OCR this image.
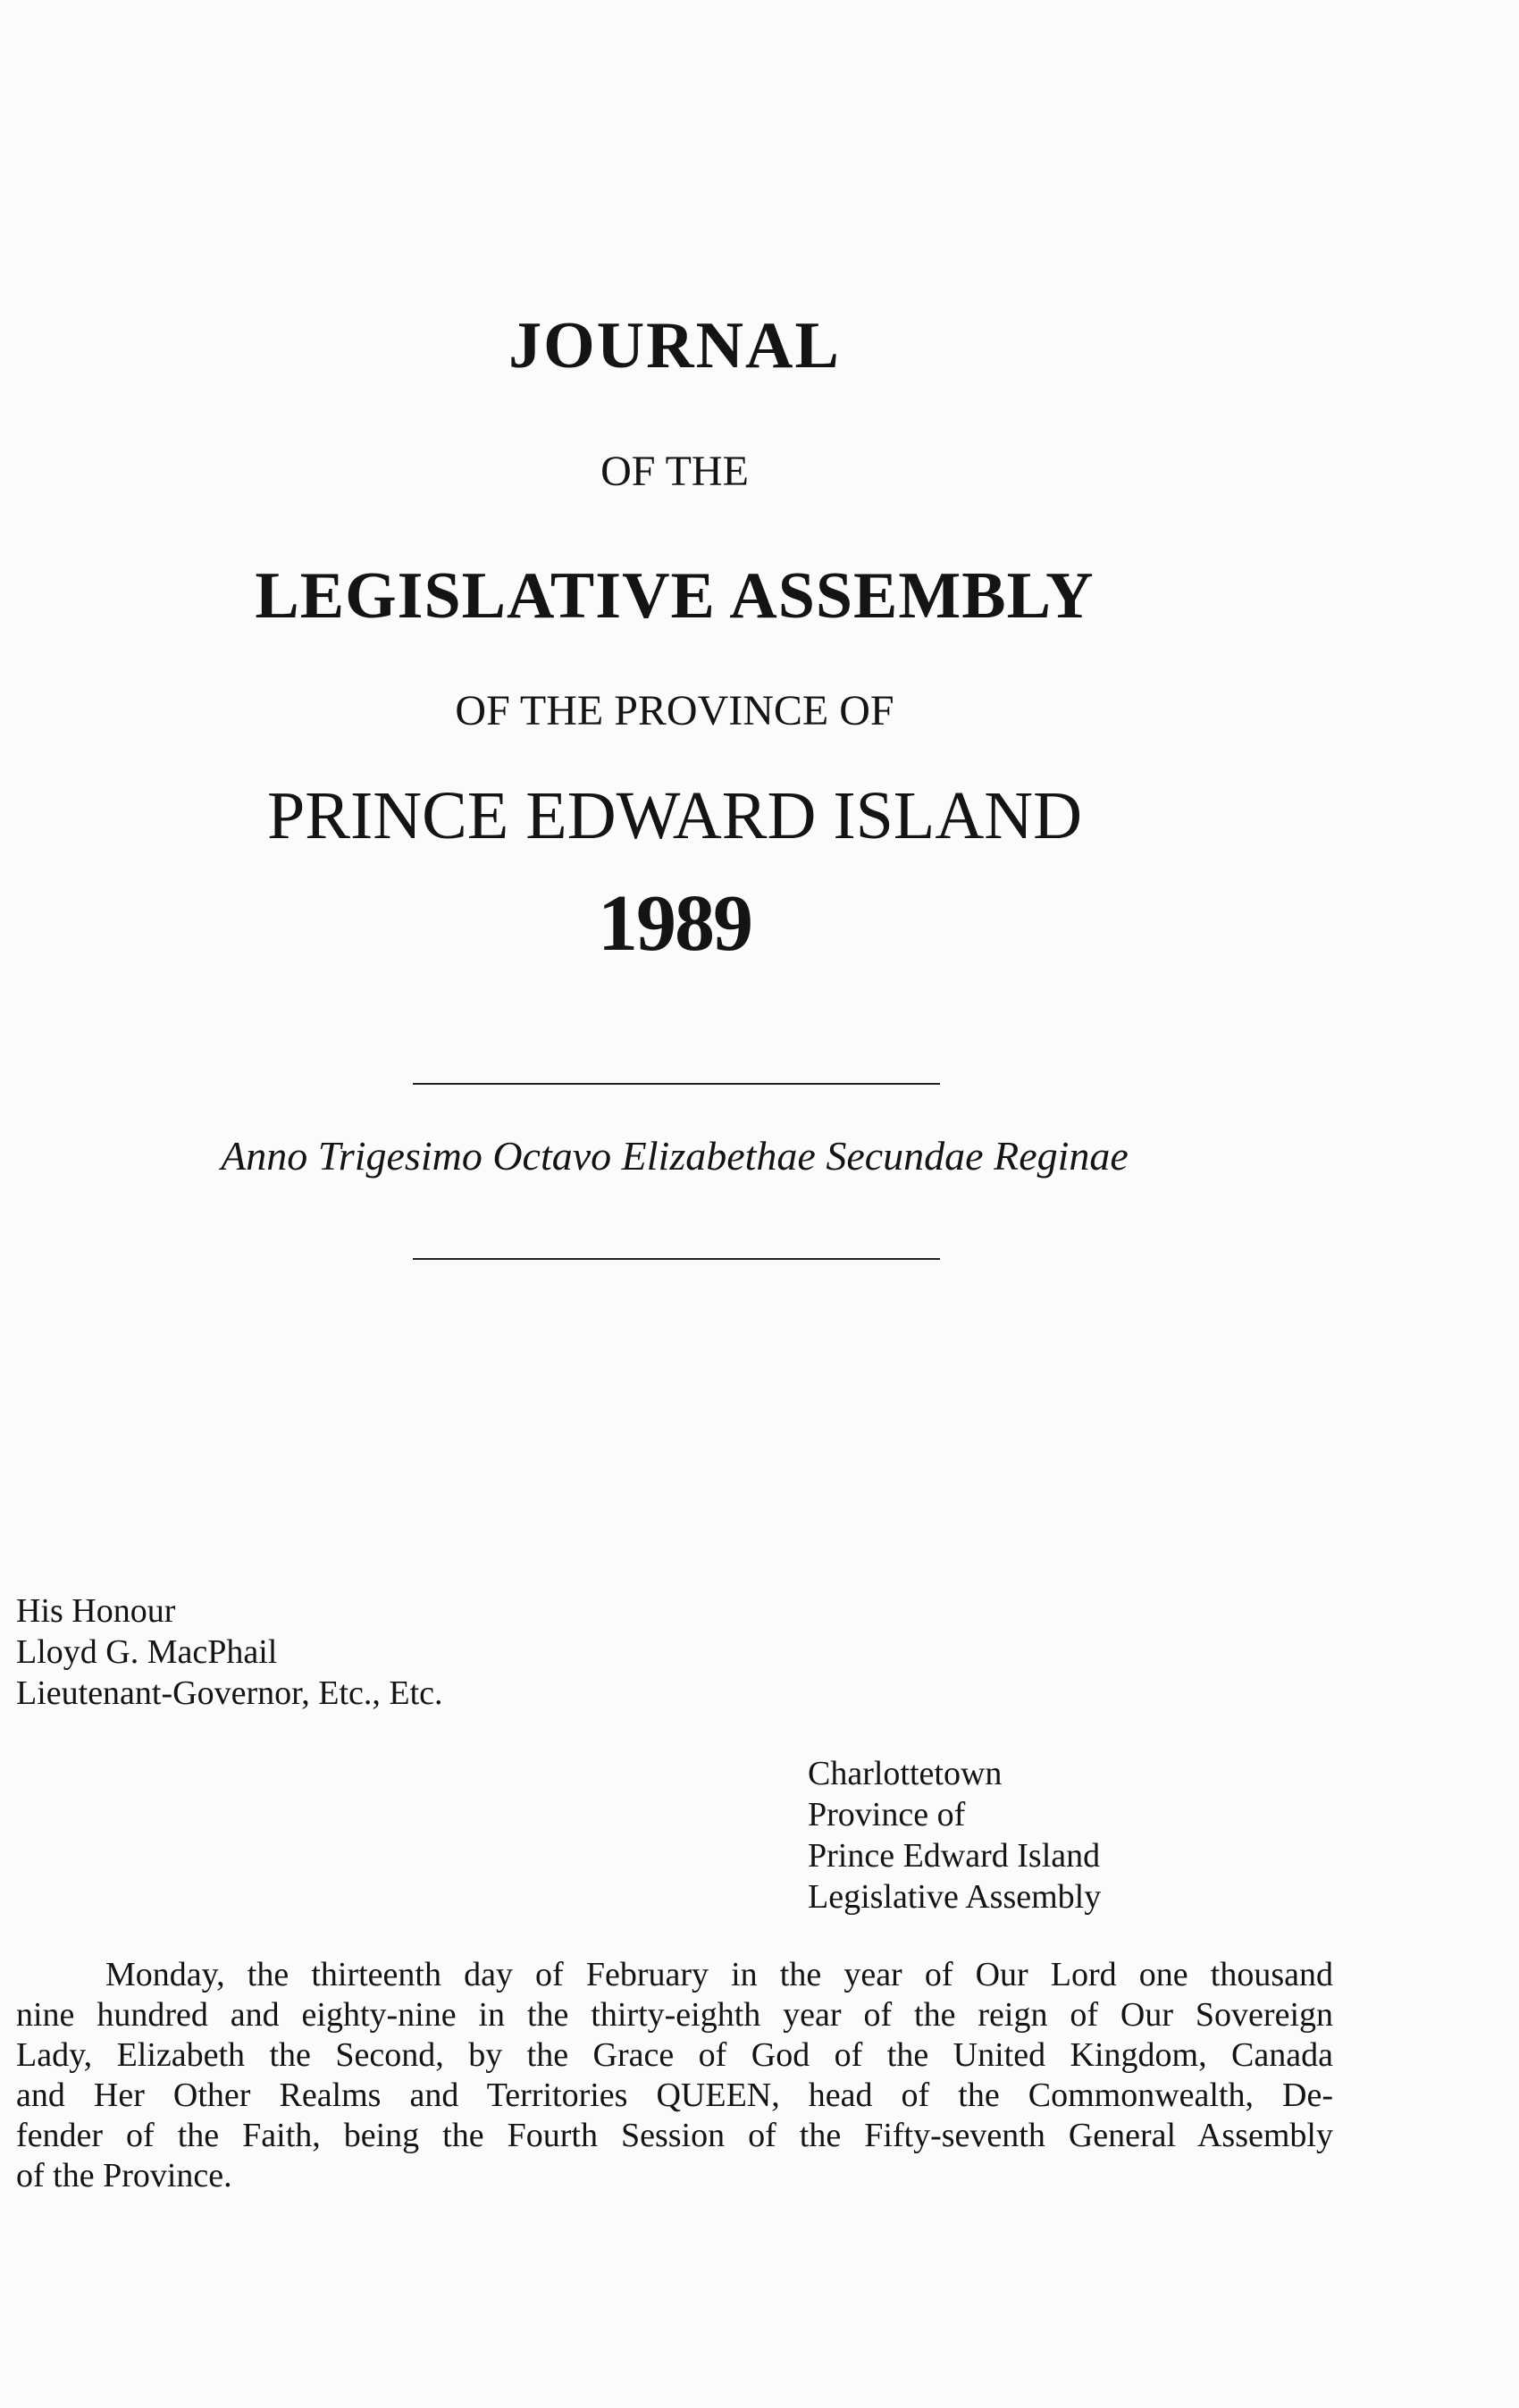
JOURNAL
OF THE
LEGISLATIVE ASSEMBLY
OF THE PROVINCE OF
PRINCE EDWARD ISLAND
1989
Anno Trigesimo Octavo Elizabethae Secundae Reginae
His Honour
Lloyd G. MacPhail
Lieutenant-Governor, Etc., Etc.
Charlottetown
Province of
Prince Edward Island
Legislative Assembly
Monday, the thirteenth day of February in the year of Our Lord one thousand
nine hundred and eighty-nine in the thirty-eighth year of the reign of Our Sovereign
Lady, Elizabeth the Second, by the Grace of God of the United Kingdom, Canada
and Her Other Realms and Territories QUEEN, head of the Commonwealth, De-
fender of the Faith, being the Fourth Session of the Fifty-seventh General Assembly
of the Province.
